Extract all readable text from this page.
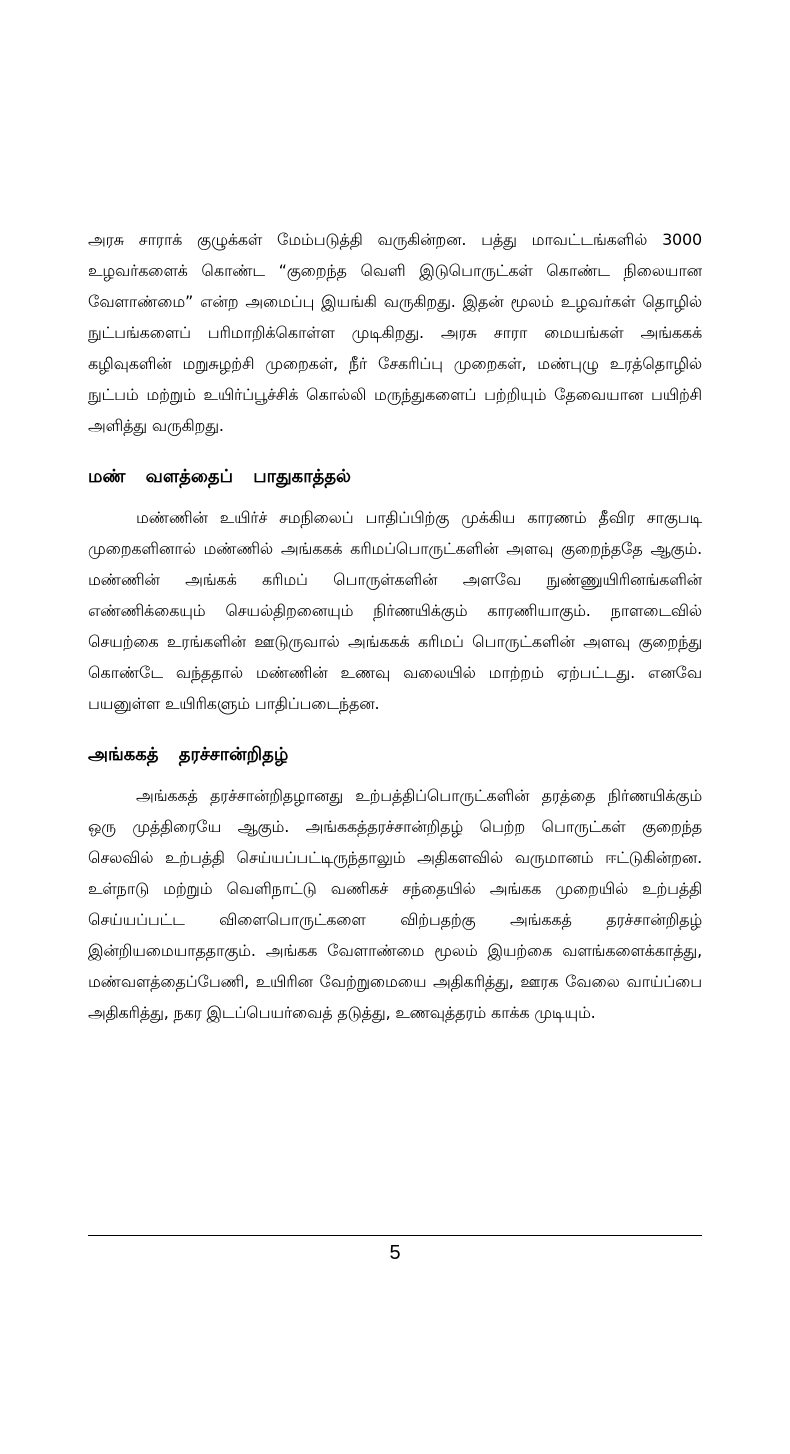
அரசு சாராக் குழுக்கள் மேம்படுத்தி வருகின்றன. பத்து மாவட்டங்களில் 3000 உழவர்களைக் கொண்ட “குறைந்த வெளி இடுபொருட்கள் கொண்ட நிலையான வேளாண்மை” என்ற அமைப்பு இயங்கி வருகிறது. இதன் மூலம் உழவர்கள் தொழில் நுட்பங்களைப் பரிமாறிக்கொள்ள முடிகிறது. அரசு சாரா மையங்கள் அங்ககக் கழிவுகளின் மறுசுழற்சி முறைகள், நீர் சேகரிப்பு முறைகள், மண்புழு உரத்தொழில் நுட்பம் மற்றும் உயிர்ப்பூச்சிக் கொல்லி மருந்துகளைப் பற்றியும் தேவையான பயிற்சி அளித்து வருகிறது.

மண் வளத்தைப் பாதுகாத்தல்

மண்ணின் உயிர்ச் சமநிலைப் பாதிப்பிற்கு முக்கிய காரணம் தீவிர சாகுபடி முறைகளினால் மண்ணில் அங்ககக் கரிமப்பொருட்களின் அளவு குறைந்ததே ஆகும். மண்ணின் அங்கக் கரிமப் பொருள்களின் அளவே நுண்ணுயிரினங்களின் எண்ணிக்கையும் செயல்திறனையும் நிர்ணயிக்கும் காரணியாகும். நாளடைவில் செயற்கை உரங்களின் ஊடுருவால் அங்ககக் கரிமப் பொருட்களின் அளவு குறைந்து கொண்டே வந்ததால் மண்ணின் உணவு வலையில் மாற்றம் ஏற்பட்டது. எனவே பயனுள்ள உயிரிகளும் பாதிப்படைந்தன.

அங்ககத் தரச்சான்றிதழ்

அங்ககத் தரச்சான்றிதழானது உற்பத்திப்பொருட்களின் தரத்தை நிர்ணயிக்கும் ஒரு முத்திரையே ஆகும். அங்ககத்தரச்சான்றிதழ் பெற்ற பொருட்கள் குறைந்த செலவில் உற்பத்தி செய்யப்பட்டிருந்தாலும் அதிகளவில் வருமானம் ஈட்டுகின்றன. உள்நாடு மற்றும் வெளிநாட்டு வணிகச் சந்தையில் அங்கக முறையில் உற்பத்தி செய்யப்பட்ட விளைபொருட்களை விற்பதற்கு அங்ககத் தரச்சான்றிதழ் இன்றியமையாததாகும். அங்கக வேளாண்மை மூலம் இயற்கை வளங்களைக்காத்து, மண்வளத்தைப்பேணி, உயிரின வேற்றுமையை அதிகரித்து, ஊரக வேலை வாய்ப்பை அதிகரித்து, நகர இடப்பெயர்வைத் தடுத்து, உணவுத்தரம் காக்க முடியும்.

5
